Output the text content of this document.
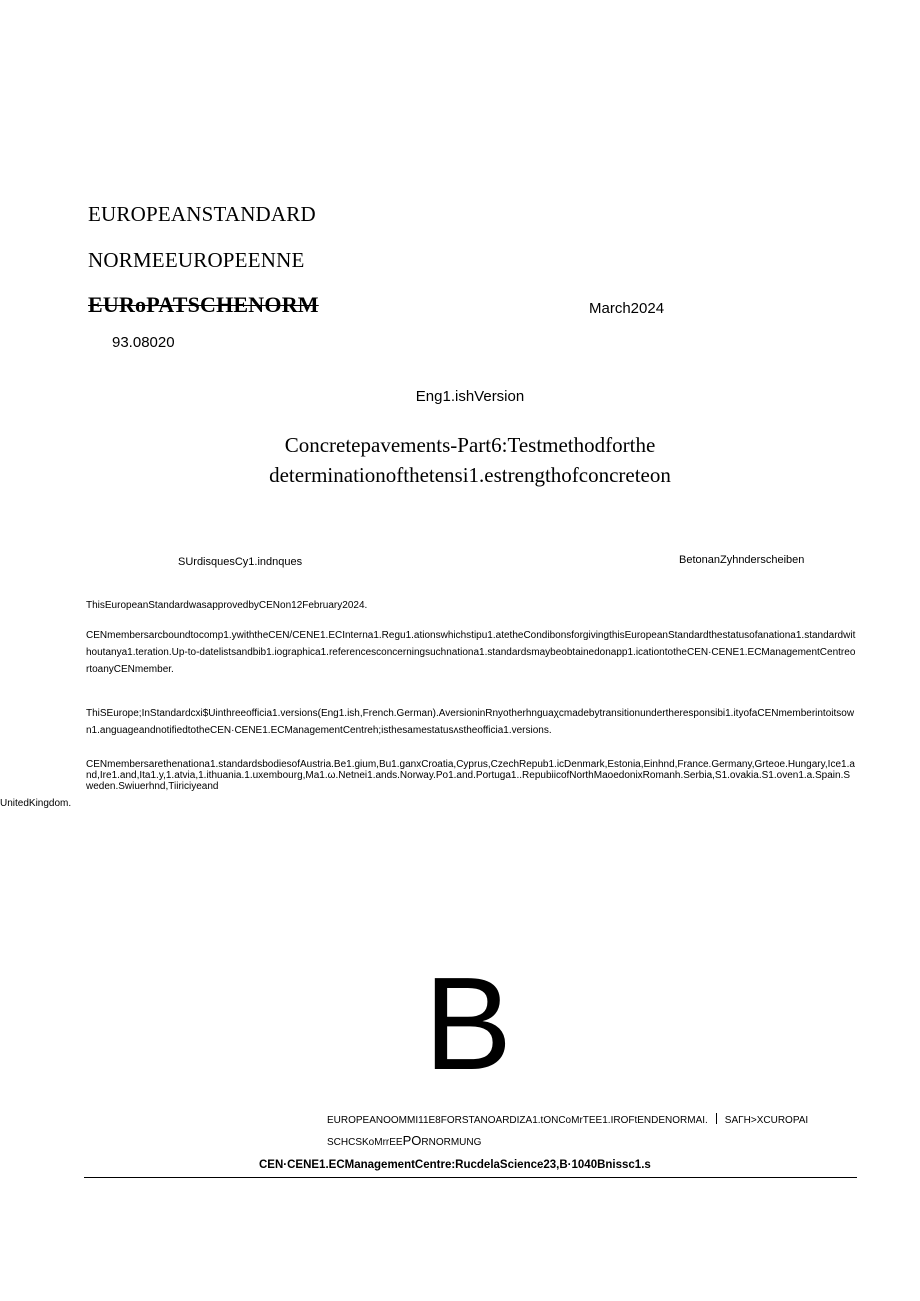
EUROPEANSTANDARD
NORMEEUROPEENNE
EURoPATSCHENORM	March2024
93.08020
Eng1.ishVersion
Concretepavements-Part6:Testmethodforthe
determinationofthetensi1.estrengthofconcreteon
SUrdisquesCy1.indnques	BetonanZyhnderscheiben
ThisEuropeanStandardwasapprovedbyCENon12February2024.
CENmembersarcboundtocomp1.ywiththeCEN/CENE1.ECInterna1.Regu1.ationswhichstipu1.atetheCondibonsforgivingthisEuropeanStandardthestatusofanationa1.standardwithoutanya1.teration.Up-to-datelistsandbib1.iographica1.referencesconcerningsuchnationa1.standardsmaybeobtainedonapp1.icationtotheCEN·CENE1.ECManagementCentreortoanyCENmember.
ThiSEurope;InStandardcxi$Uinthreeofficia1.versions(Eng1.ish,French.German).AversioninRnyotherhnguaχcmadebytransitionundertheresponsibi1.ityofaCENmemberintoitsown1.anguageandnotifiedtotheCEN·CENE1.ECManagementCentreh;isthesamestatusʌstheofficia1.versions.
CENmembersarethenationa1.standardsbodiesofAustria.Be1.gium,Bu1.ganxCroatia,Cyprus,CzechRepub1.icDenmark,Estonia,Einhnd,France.Germany,Grteoe.Hungary,Ice1.and,Ire1.and,Ita1.y,1.atvia,1.ithuania.1.uxembourg,Ma1.ω.Netnei1.ands.Norway.Po1.and.Portuga1..RepubiicofNorthMaoedonixRomanh.Serbia,S1.ovakia.S1.oven1.a.Spain.Sweden.Swiuerhnd,Tiiriciyeand
UnitedKingdom.
B
EUROPEANOOMMI11E8FORSTANOARDIZA1.tONCoMrTEE1.IROFtENDENORMAI. SAΓH>XCUROPAI
SCHCSKoMrrEEPORNORMUNG
CEN·CENE1.ECManagementCentre:RucdelaScience23,B·1040Bnissc1.s
